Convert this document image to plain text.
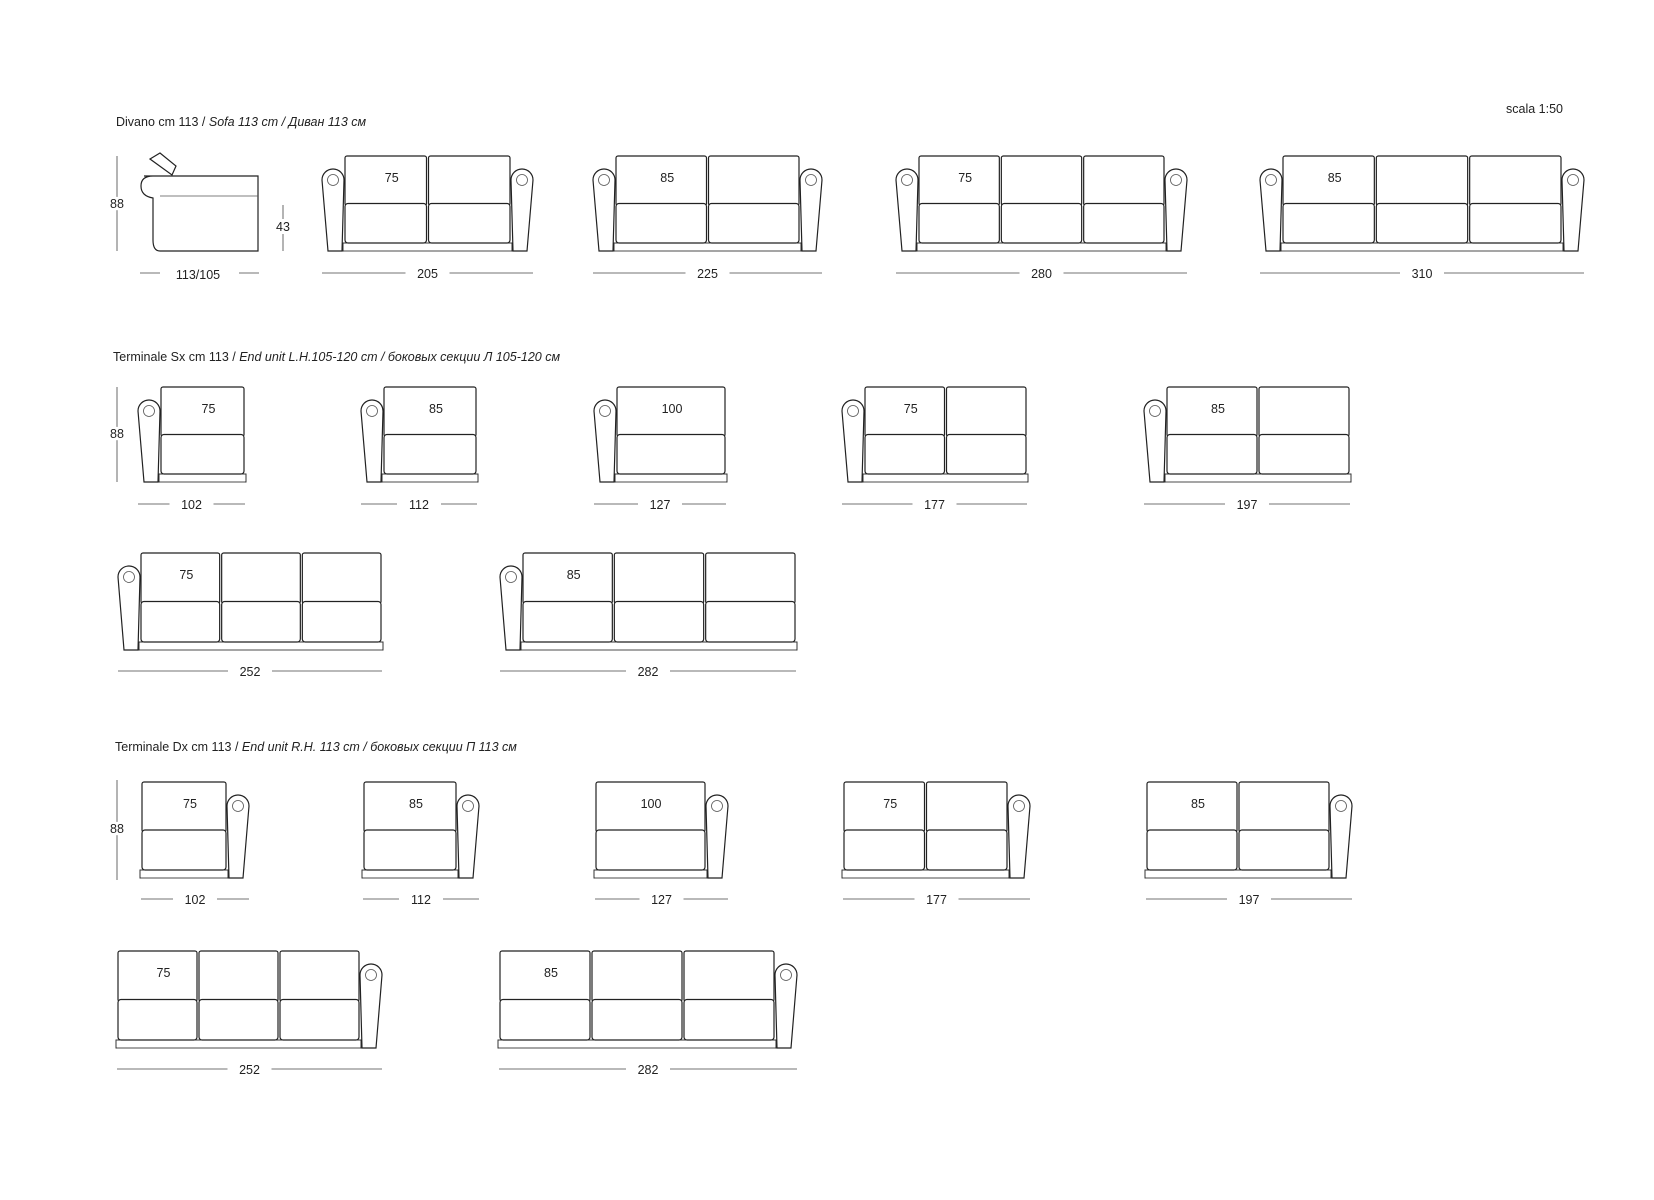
scala 1:50
Divano cm 113 / Sofa 113 cm / Диван 113 см
88
43
113/105
75
205
85
225
75
280
85
310
Terminale Sx cm 113 / End unit L.H.105-120 cm / боковых секции Л 105-120 см
88
75
102
85
112
100
127
75
177
85
197
75
252
85
282
Terminale Dx cm 113 / End unit R.H. 113 cm / боковых секции П 113 см
88
75
102
85
112
100
127
75
177
85
197
75
252
85
282
